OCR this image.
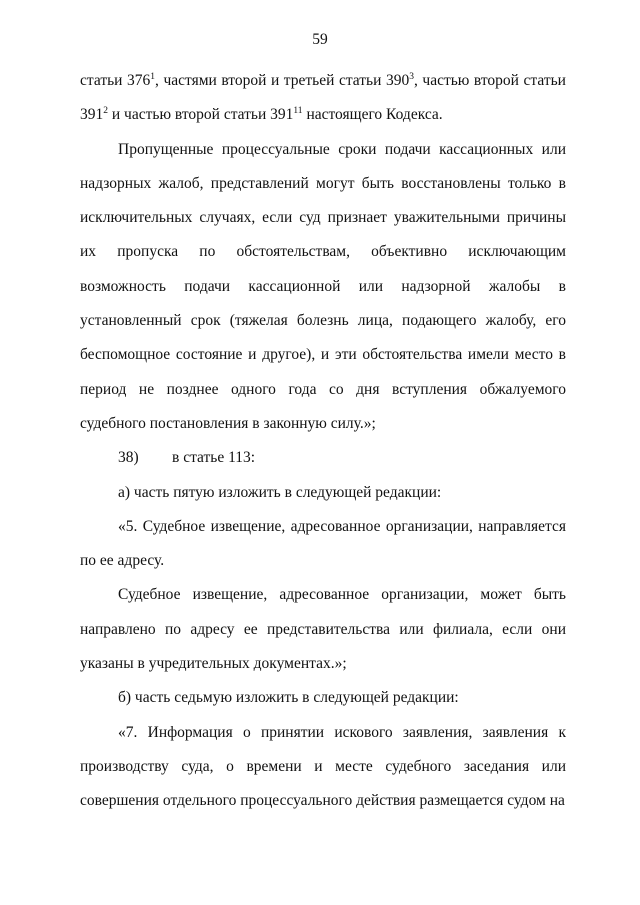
59

статьи $376^1$, частями второй и третьей статьи $390^3$, частью второй статьи $391^2$ и частью второй статьи $391^{11}$ настоящего Кодекса.

Пропущенные процессуальные сроки подачи кассационных или надзорных жалоб, представлений могут быть восстановлены только в исключительных случаях, если суд признает уважительными причины их пропуска по обстоятельствам, объективно исключающим возможность подачи кассационной или надзорной жалобы в установленный срок (тяжелая болезнь лица, подающего жалобу, его беспомощное состояние и другое), и эти обстоятельства имели место в период не позднее одного года со дня вступления обжалуемого судебного постановления в законную силу.»;

38) в статье 113:

а) часть пятую изложить в следующей редакции:

«5. Судебное извещение, адресованное организации, направляется по ее адресу.

Судебное извещение, адресованное организации, может быть направлено по адресу ее представительства или филиала, если они указаны в учредительных документах.»;

б) часть седьмую изложить в следующей редакции:

«7. Информация о принятии искового заявления, заявления к производству суда, о времени и месте судебного заседания или совершения отдельного процессуального действия размещается судом на
